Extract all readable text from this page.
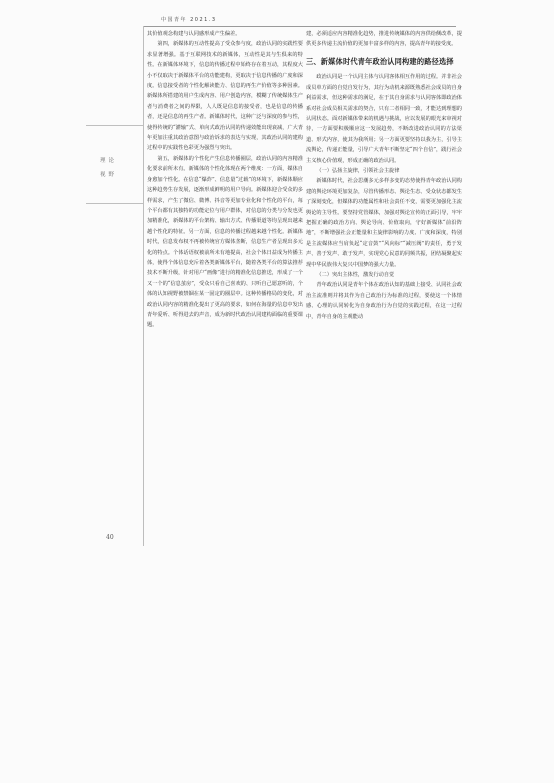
中国青年 2021.3
理论
视野
40

其价值观念构建与认同感形成产生偏差。

第四，新媒体的互动性提高了受众参与度，政治认同的实践性要求显著增强。基于互联网技术的新媒体，互动性是其与生俱来的特性。在新媒体环境下，信息的传播过程中始终存在着互动，其程度大小不仅取决于新媒体平台的功能建构，更取决于信息传播的广度和深度。信息接受者的个性化解读能力、信息的再生产价值等多种因素。新媒体所搭建的用户生成内容、用户创造内容，模糊了传统媒体生产者与消费者之间的界限，人人既是信息的接受者，也是信息的传播者，还是信息的再生产者。新媒体时代，这种广泛与深度的参与性，使得传统的“灌输”式、单向式政治认同的传递效能出现衰减，广大青年更加注重其政治意图与政治诉求的表达与实现，其政治认同的建构过程中的实践性色彩更为强烈与突出。

第五，新媒体的个性化产生信息传播圈层，政治认同的内容精准化要求前所未有。新媒体的个性化体现在两个维度：一方面，媒体自身愈加个性化。在信息“爆炸”、信息量“过载”的环境下，新媒体顺应这种趋势生存发展，逐渐形成鲜明的用户导向。新媒体迎合受众的多样需求，产生了微信、微博、抖音等更加专业化和个性化的平台，每个平台都有其独特的功能定位与用户群体，对信息的分类与分发也更加精准化，新媒体的平台架构、输出方式、传播渠道等均呈现出越来越个性化的特征。另一方面，信息的传播过程越来越个性化。新媒体时代，信息发布权不再被传统官方媒体垄断，信息生产者呈现出多元化的特点。个体话语权被前所未有地提高，社会个体日益成为传播主体，使得个体信息充斥着各类新媒体平台，随着各类平台的算法推荐技术不断升级，针对用户“画像”进行的精准化信息推送，形成了一个又一个的“信息茧房”，受众只看自己喜欢的、只听自己愿意听的，个体的认知视野被禁锢在某一固定的圈层中。这种传播格局的变化，对政治认同内容的精准化提出了更高的要求，如何在海量的信息中发出青年爱听、听得进去的声音，成为新时代政治认同建构面临的重要课题。

建，必须适应内容精准化趋势，推进传统媒体的内容供给侧改革，提供更多传递主流价值的更加丰富多样的内容，提高青年的接受度。

三、新媒体时代青年政治认同构建的路径选择

政治认同是一个认同主体与认同客体相互作用的过程。并非社会成员单方面的自觉自发行为，其行为动机来源既熟悉社会成员的自身利益需求，但这种需求的满足，在于其自身需求与认同客体即政治体系对社会成员相关需求的契合，只有二者相同一致，才能达到理想的认同状态。面对新媒体带来的机遇与挑战，应以发展的眼光来审视对待，一方面要积极顺应这一发展趋势，不断改进政治认同的方法渠道、形式内容，使其为我所用；另一方面更要坚持以我为主，引导主流舆论，传递正能量，引导广大青年不断坚定“四个自信”，践行社会主义核心价值观，形成正确的政治认同。

（一）弘扬主旋律，引领社会主旋律

新媒体时代，社会思潮多元多样多变的态势使得青年政治认同构建的舆论环境更加复杂，尽管传播形态、舆论生态、受众状态都发生了深刻变化，但媒体的功能属性和社会责任不变，需要更加强化主流舆论的主导性。要坚持党管媒体，加强对舆论宣传的正面引导，牢牢把握正确的政治方向、舆论导向、价值取向，守好新媒体“前沿阵地”，不断增强社会正能量和主旋律影响的力度、广度和深度，特别是主流媒体应当肩负起“定音鼓”“风向标”“减压阀”的责任，勇于发声、善于发声、敢于发声，实现党心民意的同频共振，团结凝聚起实现中华民族伟大复兴中国梦的强大力量。

（二）突出主体性，激发行动自觉

青年政治认同是青年个体在政治认知的基础上接受、认同社会政治主流准则并将其作为自己政治行为标准的过程，要使这一个体情感、心理的认同转化为自身政治行为自觉的实践过程，在这一过程中，青年自身的主观能动
